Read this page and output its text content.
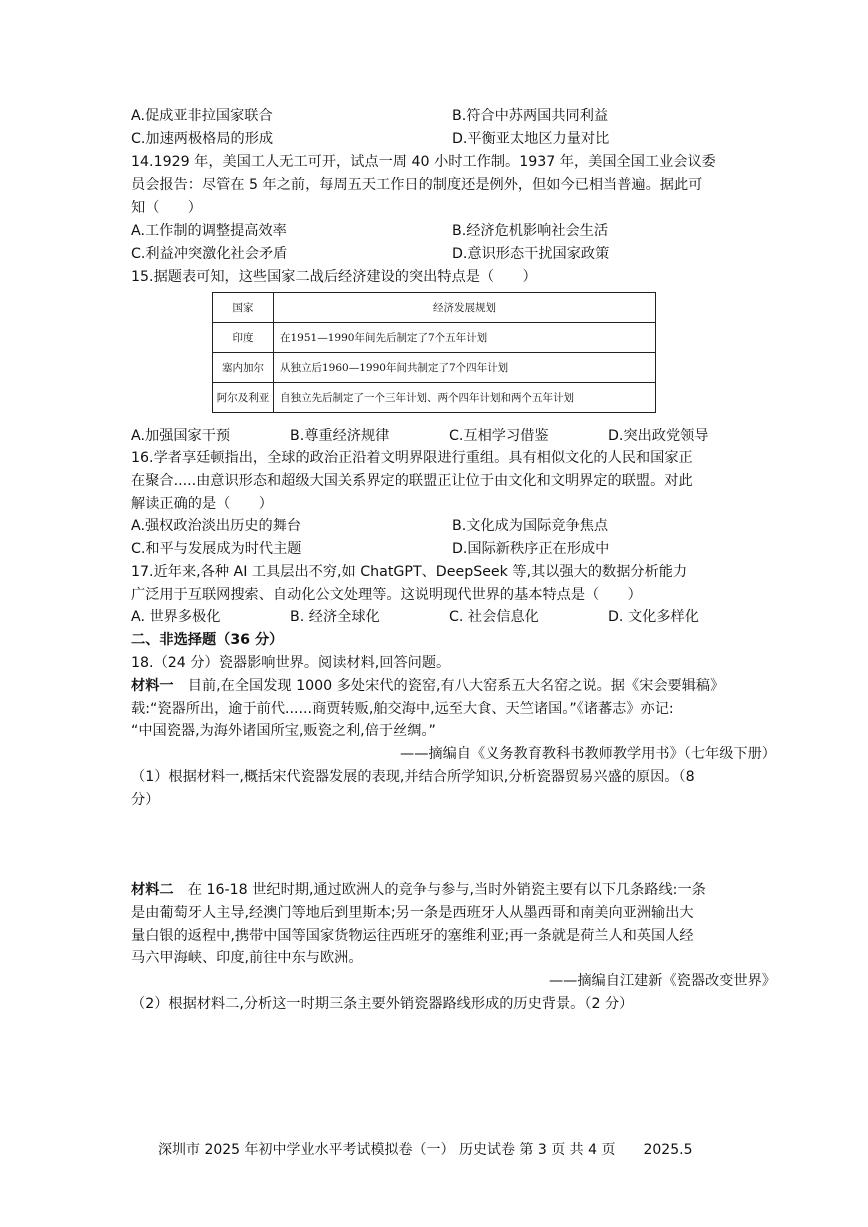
A.促成亚非拉国家联合	B.符合中苏两国共同利益
C.加速两极格局的形成	D.平衡亚太地区力量对比
14.1929 年，美国工人无工可开，试点一周 40 小时工作制。1937 年，美国全国工业会议委
员会报告：尽管在 5 年之前，每周五天工作日的制度还是例外，但如今已相当普遍。据此可
知（　　）
A.工作制的调整提高效率	B.经济危机影响社会生活
C.利益冲突激化社会矛盾	D.意识形态干扰国家政策
15.据题表可知，这些国家二战后经济建设的突出特点是（　　）
国家	经济发展规划
印度	在1951—1990年间先后制定了7个五年计划
塞内加尔	从独立后1960—1990年间共制定了7个四年计划
阿尔及利亚	自独立先后制定了一个三年计划、两个四年计划和两个五年计划
A.加强国家干预	B.尊重经济规律	C.互相学习借鉴	D.突出政党领导
16.学者享廷顿指出，全球的政治正沿着文明界限进行重组。具有相似文化的人民和国家正
在聚合.....由意识形态和超级大国关系界定的联盟正让位于由文化和文明界定的联盟。对此
解读正确的是（　　）
A.强权政治淡出历史的舞台	B.文化成为国际竞争焦点
C.和平与发展成为时代主题	D.国际新秩序正在形成中
17.近年来,各种 AI 工具层出不穷,如 ChatGPT、DeepSeek 等,其以强大的数据分析能力
广泛用于互联网搜索、自动化公文处理等。这说明现代世界的基本特点是（　　）
A. 世界多极化	B. 经济全球化	C. 社会信息化	D. 文化多样化
二、非选择题（36 分）
18.（24 分）瓷器影响世界。阅读材料,回答问题。
材料一　目前,在全国发现 1000 多处宋代的瓷窑,有八大窑系五大名窑之说。据《宋会要辑稿》
载:“瓷器所出，逾于前代......商贾转贩,舶交海中,远至大食、天竺诸国。”《诸蕃志》亦记:
“中国瓷器,为海外诸国所宝,贩瓷之利,倍于丝绸。”
——摘编自《义务教育教科书教师教学用书》（七年级下册）
（1）根据材料一,概括宋代瓷器发展的表现,并结合所学知识,分析瓷器贸易兴盛的原因。（8
分）
材料二　在 16-18 世纪时期,通过欧洲人的竞争与参与,当时外销瓷主要有以下几条路线:一条
是由葡萄牙人主导,经澳门等地后到里斯本;另一条是西班牙人从墨西哥和南美向亚洲输出大
量白银的返程中,携带中国等国家货物运往西班牙的塞维利亚;再一条就是荷兰人和英国人经
马六甲海峡、印度,前往中东与欧洲。
——摘编自江建新《瓷器改变世界》
（2）根据材料二,分析这一时期三条主要外销瓷器路线形成的历史背景。（2 分）
深圳市 2025 年初中学业水平考试模拟卷（一） 历史试卷 第 3 页 共 4 页　　2025.5
